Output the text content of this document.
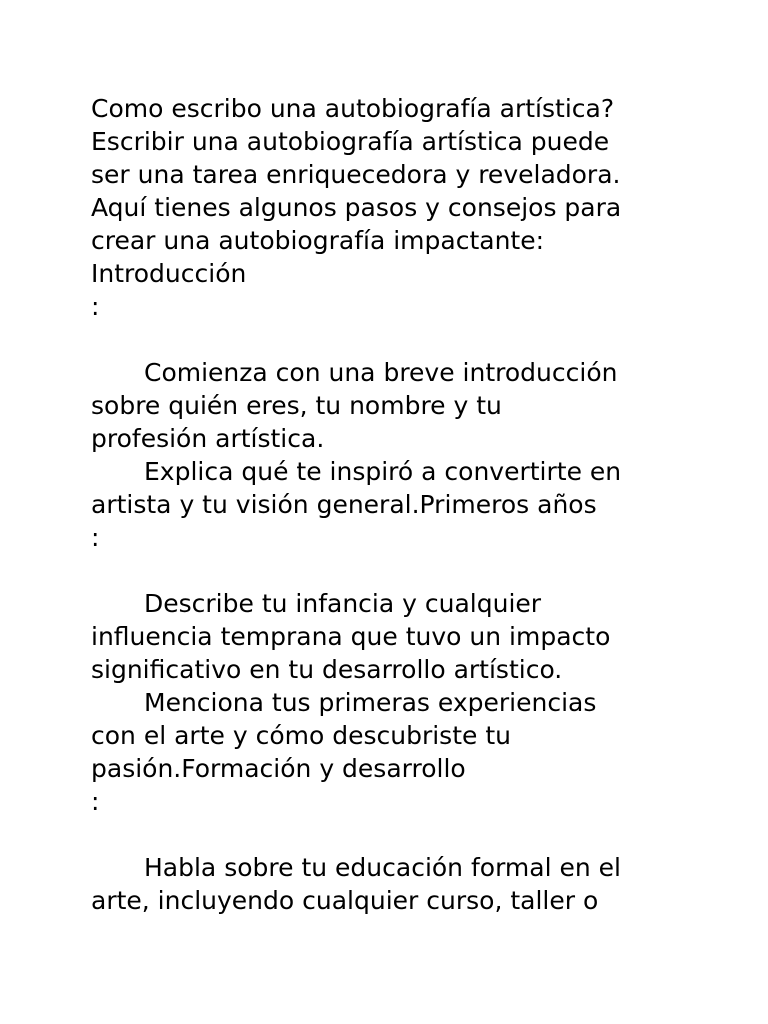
Como escribo una autobiografía artística?
Escribir una autobiografía artística puede
ser una tarea enriquecedora y reveladora.
Aquí tienes algunos pasos y consejos para
crear una autobiografía impactante:
Introducción
:
Comienza con una breve introducción
sobre quién eres, tu nombre y tu
profesión artística.
Explica qué te inspiró a convertirte en
artista y tu visión general.Primeros años
:
Describe tu infancia y cualquier
influencia temprana que tuvo un impacto
significativo en tu desarrollo artístico.
Menciona tus primeras experiencias
con el arte y cómo descubriste tu
pasión.Formación y desarrollo
:
Habla sobre tu educación formal en el
arte, incluyendo cualquier curso, taller o
